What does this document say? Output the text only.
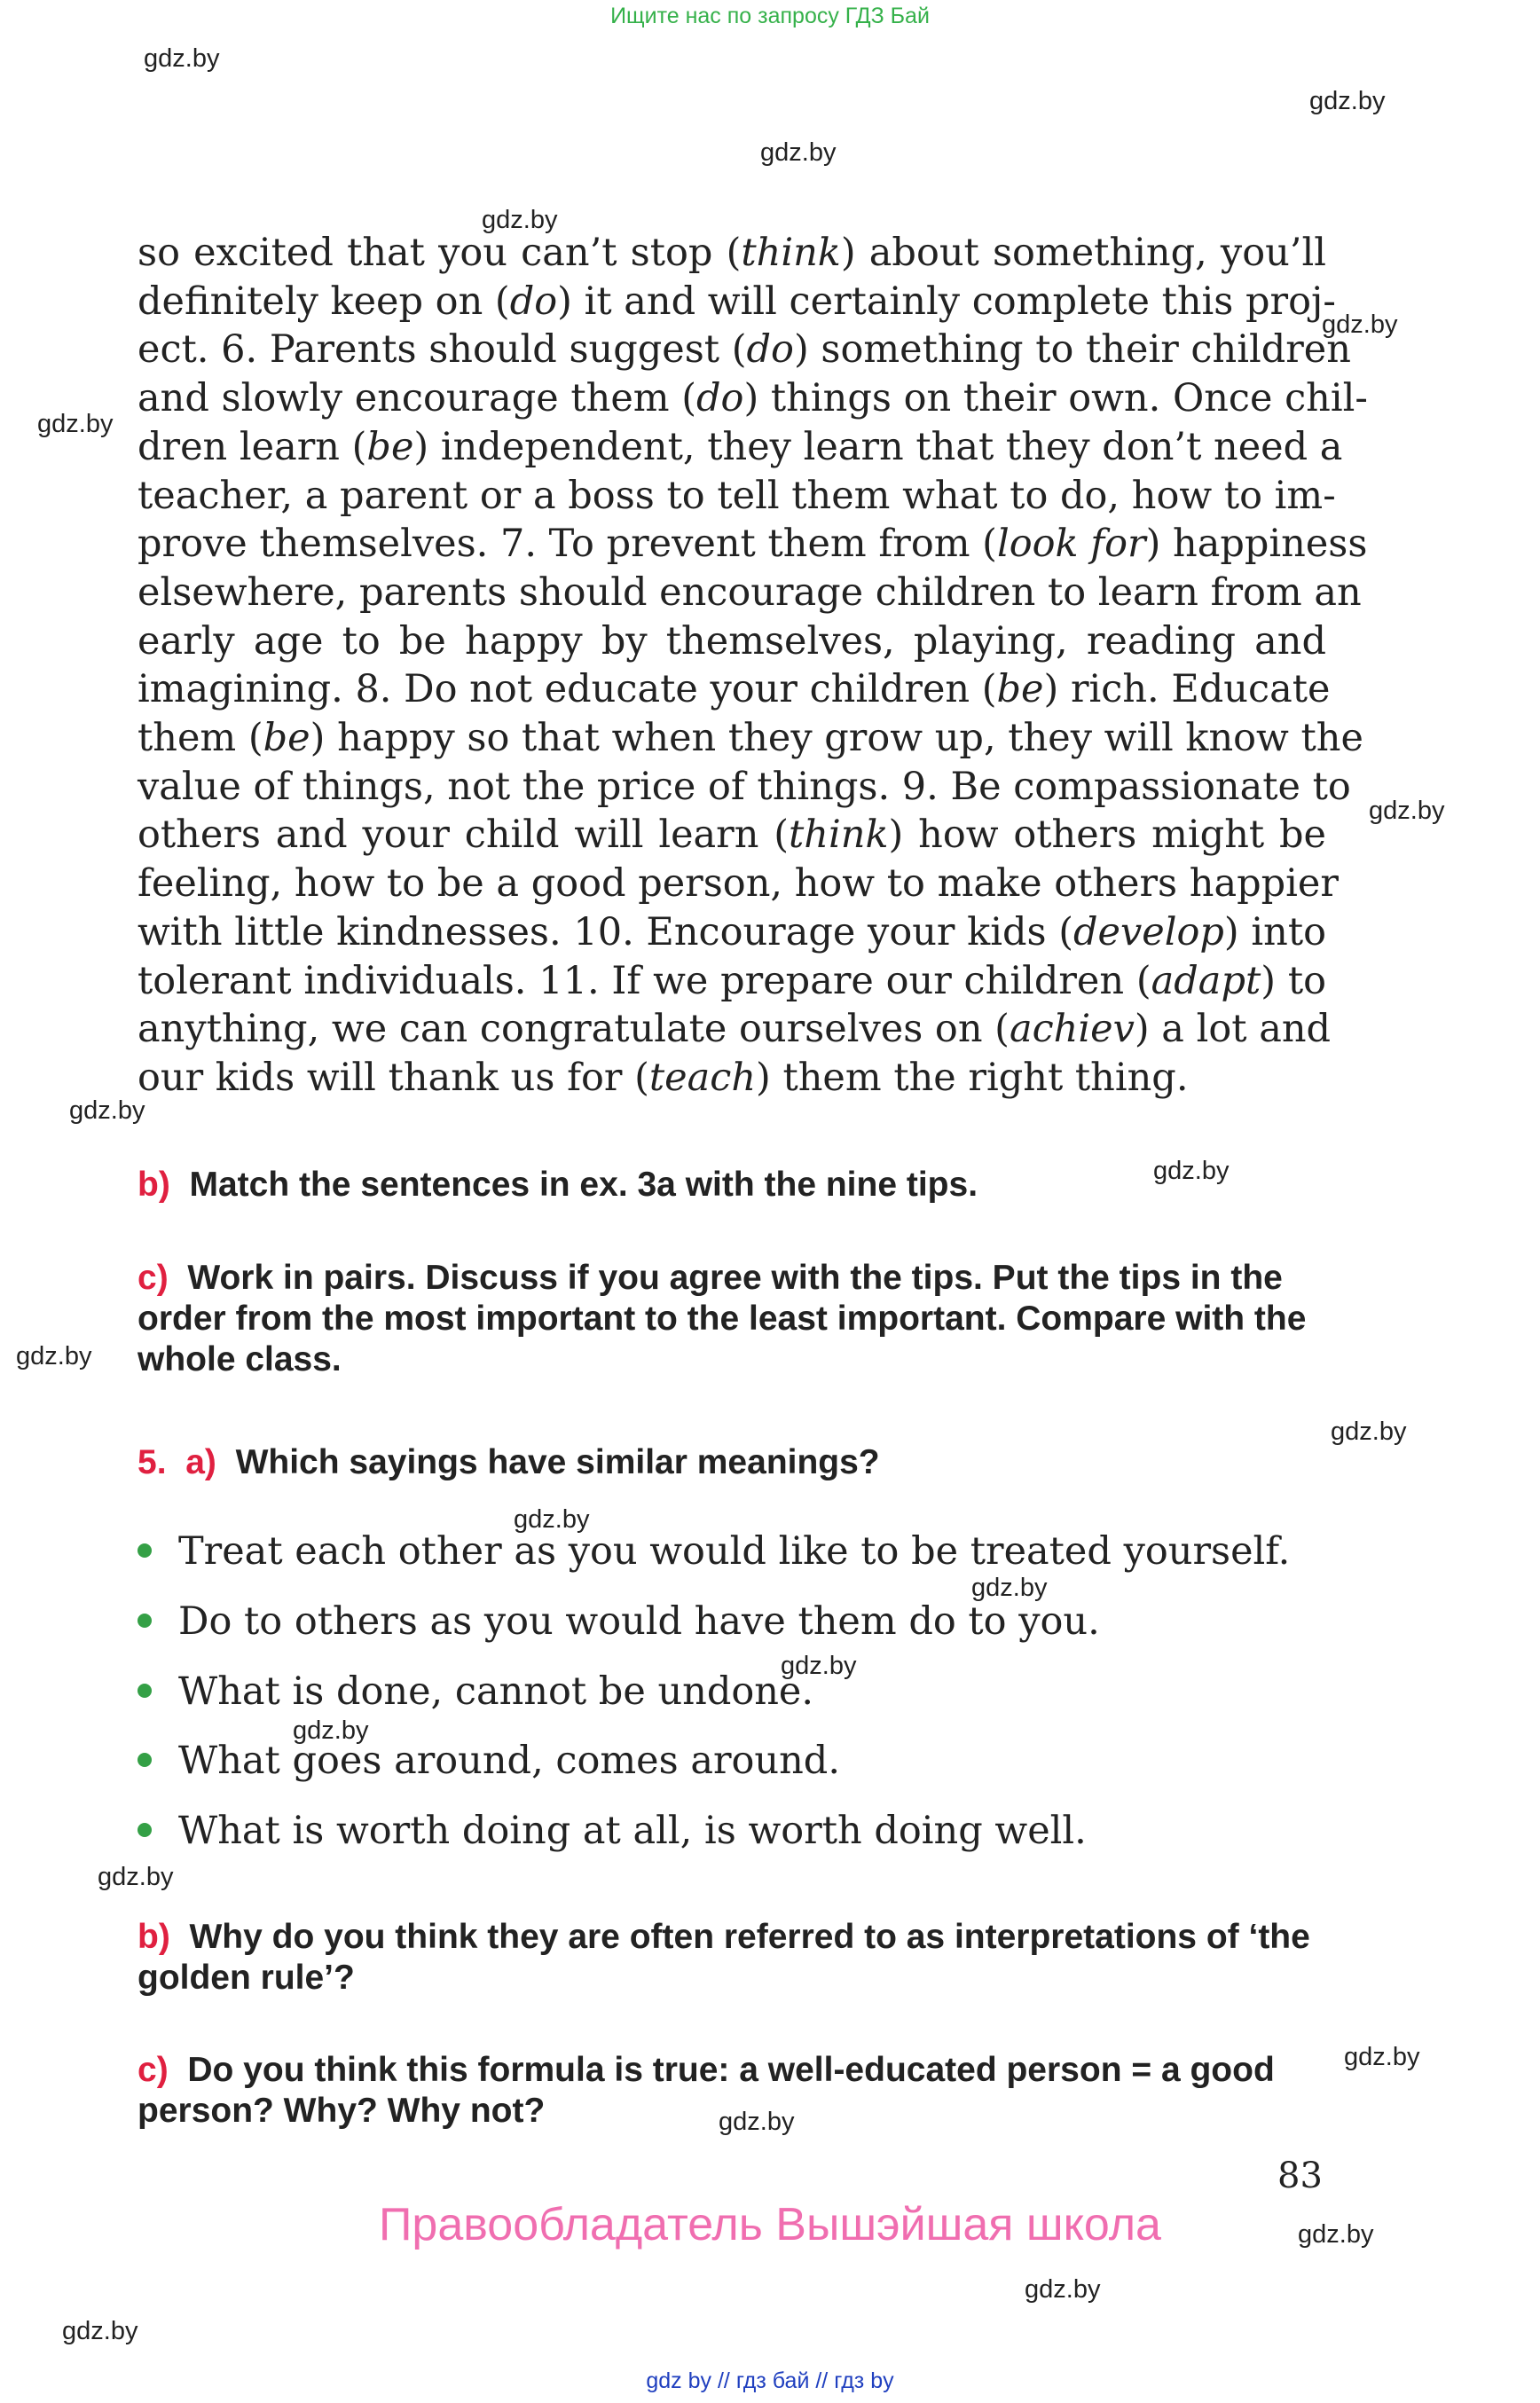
Ищите нас по запросу ГДЗ Бай
gdz.by
gdz.by
gdz.by
gdz.by
gdz.by
gdz.by
gdz.by
gdz.by
gdz.by
gdz.by
gdz.by
gdz.by
gdz.by
gdz.by
gdz.by
gdz.by
gdz.by
gdz.by
gdz.by
gdz.by
gdz.by

so excited that you can’t stop (think) about something, you’ll
definitely keep on (do) it and will certainly complete this proj-
ect. 6. Parents should suggest (do) something to their children
and slowly encourage them (do) things on their own. Once chil-
dren learn (be) independent, they learn that they don’t need a
teacher, a parent or a boss to tell them what to do, how to im-
prove themselves. 7. To prevent them from (look for) happiness
elsewhere, parents should encourage children to learn from an
early age to be happy by themselves, playing, reading and
imagining. 8. Do not educate your children (be) rich. Educate
them (be) happy so that when they grow up, they will know the
value of things, not the price of things. 9. Be compassionate to
others and your child will learn (think) how others might be
feeling, how to be a good person, how to make others happier
with little kindnesses. 10. Encourage your kids (develop) into
tolerant individuals. 11. If we prepare our children (adapt) to
anything, we can congratulate ourselves on (achiev) a lot and
our kids will thank us for (teach) them the right thing.

b) Match the sentences in ex. 3a with the nine tips.
c) Work in pairs. Discuss if you agree with the tips. Put the tips in the order from the most important to the least important. Compare with the whole class.
5. a) Which sayings have similar meanings?
Treat each other as you would like to be treated yourself.
Do to others as you would have them do to you.
What is done, cannot be undone.
What goes around, comes around.
What is worth doing at all, is worth doing well.
b) Why do you think they are often referred to as interpretations of ‘the golden rule’?
c) Do you think this formula is true: a well-educated person = a good person? Why? Why not?
83
Правообладатель Вышэйшая школа
gdz by // гдз бай // гдз by
